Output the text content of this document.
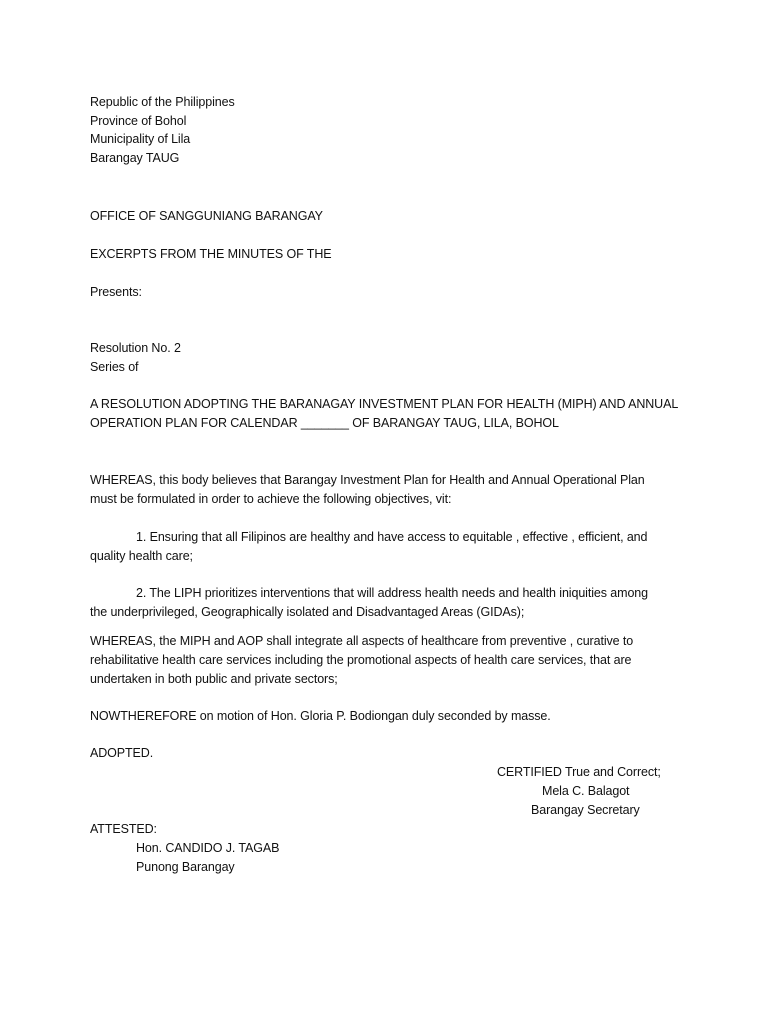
Republic of the Philippines
Province of Bohol
Municipality of Lila
Barangay TAUG
OFFICE OF SANGGUNIANG BARANGAY
EXCERPTS FROM THE MINUTES OF THE
Presents:
Resolution No. 2
Series of
A RESOLUTION ADOPTING THE BARANAGAY INVESTMENT PLAN FOR HEALTH (MIPH) AND ANNUAL
OPERATION PLAN FOR CALENDAR _______ OF BARANGAY TAUG, LILA, BOHOL
WHEREAS, this body believes that Barangay Investment Plan for Health and Annual Operational Plan
must be formulated in order to achieve the following objectives, vit:
1. Ensuring that all Filipinos are healthy and have access to equitable , effective , efficient, and
quality health care;
2. The LIPH prioritizes interventions that will address health needs and health iniquities among
the underprivileged, Geographically isolated and Disadvantaged Areas (GIDAs);
WHEREAS, the MIPH and AOP shall integrate all aspects of healthcare from preventive , curative to
rehabilitative health care services including the promotional aspects of health care services, that are
undertaken in both public and private sectors;
NOWTHEREFORE on motion of Hon. Gloria P. Bodiongan duly seconded by masse.
ADOPTED.
CERTIFIED True and Correct;
Mela C. Balagot
Barangay Secretary
ATTESTED:
Hon. CANDIDO J. TAGAB
Punong Barangay
